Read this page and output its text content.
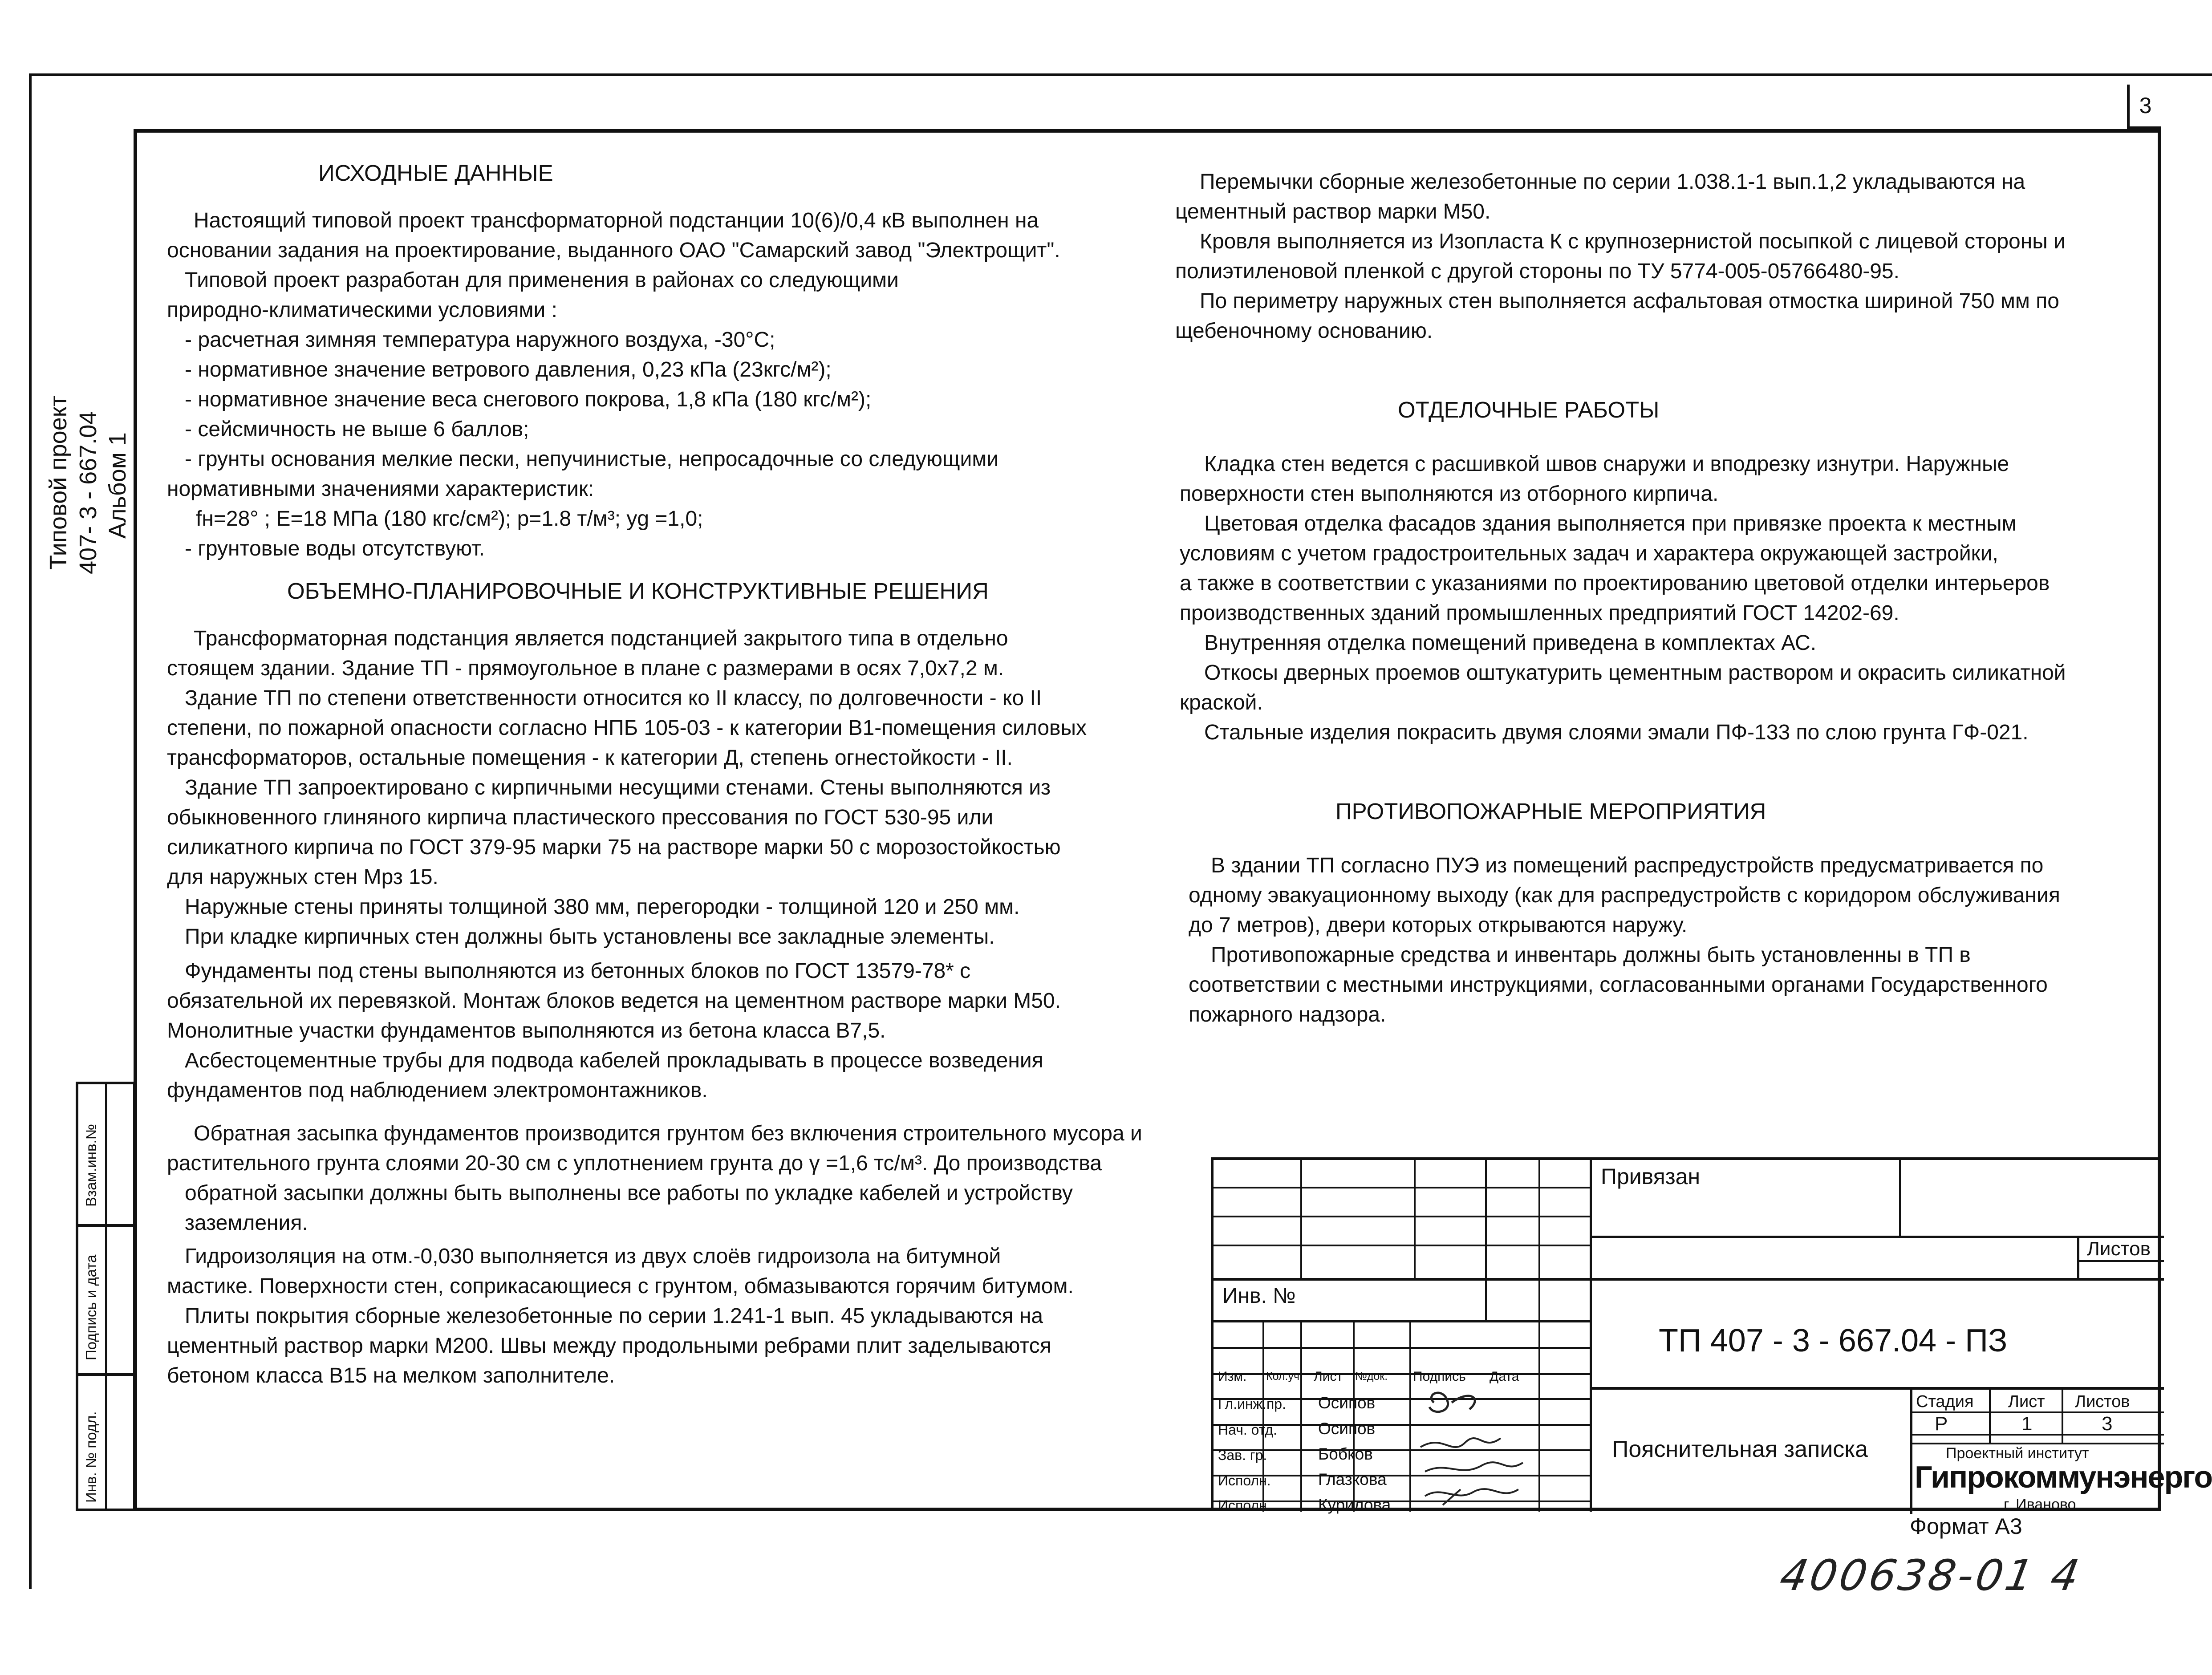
3
Типовой проект 407- 3 - 667.04 Альбом 1
Взам.инв.№
Подпись и дата
Инв. № подл.
ИСХОДНЫЕ ДАННЫЕ

Настоящий типовой проект трансформаторной подстанции 10(6)/0,4 кВ выполнен на

основании задания на проектирование, выданного ОАО "Самарский завод "Электрощит".

Типовой проект разработан для применения в районах со следующими

природно-климатическими условиями :

- расчетная зимняя температура наружного воздуха, -30°С;

- нормативное значение ветрового давления, 0,23 кПа (23кгс/м²);

- нормативное значение веса снегового покрова, 1,8 кПа (180 кгс/м²);

- сейсмичность не выше 6 баллов;

- грунты основания мелкие пески, непучинистые, непросадочные со следующими

нормативными значениями характеристик:

fн=28° ; Е=18 МПа (180 кгс/см²); p=1.8 т/м³; yg =1,0;

- грунтовые воды отсутствуют.

ОБЪЕМНО-ПЛАНИРОВОЧНЫЕ И КОНСТРУКТИВНЫЕ РЕШЕНИЯ

Трансформаторная подстанция является подстанцией закрытого типа в отдельно

стоящем здании. Здание ТП - прямоугольное в плане с размерами в осях 7,0х7,2 м.

Здание ТП по степени ответственности относится ко II классу, по долговечности - ко II

степени, по пожарной опасности согласно НПБ 105-03 - к категории В1-помещения силовых

трансформаторов, остальные помещения - к категории Д, степень огнестойкости - II.

Здание ТП запроектировано с кирпичными несущими стенами. Стены выполняются из

обыкновенного глиняного кирпича пластического прессования по ГОСТ 530-95 или

силикатного кирпича по ГОСТ 379-95 марки 75 на растворе марки 50 с морозостойкостью

для наружных стен Мрз 15.

Наружные стены приняты толщиной 380 мм, перегородки - толщиной 120 и 250 мм.

При кладке кирпичных стен должны быть установлены все закладные элементы.

Фундаменты под стены выполняются из бетонных блоков по ГОСТ 13579-78* с

обязательной их перевязкой. Монтаж блоков ведется на цементном растворе марки М50.

Монолитные участки фундаментов выполняются из бетона класса В7,5.

Асбестоцементные трубы для подвода кабелей прокладывать в процессе возведения

фундаментов под наблюдением электромонтажников.

Обратная засыпка фундаментов производится грунтом без включения строительного мусора и

растительного грунта слоями 20-30 см с уплотнением грунта до γ =1,6 тс/м³. До производства

обратной засыпки должны быть выполнены все работы по укладке кабелей и устройству

заземления.

Гидроизоляция на отм.-0,030 выполняется из двух слоёв гидроизола на битумной

мастике. Поверхности стен, соприкасающиеся с грунтом, обмазываются горячим битумом.

Плиты покрытия сборные железобетонные по серии 1.241-1 вып. 45 укладываются на

цементный раствор марки М200. Швы между продольными ребрами плит заделываются

бетоном класса В15 на мелком заполнителе.

Перемычки сборные железобетонные по серии 1.038.1-1 вып.1,2 укладываются на

цементный раствор марки М50.

Кровля выполняется из Изопласта К с крупнозернистой посыпкой с лицевой стороны и

полиэтиленовой пленкой с другой стороны по ТУ 5774-005-05766480-95.

По периметру наружных стен выполняется асфальтовая отмостка шириной 750 мм по

щебеночному основанию.

ОТДЕЛОЧНЫЕ РАБОТЫ

Кладка стен ведется с расшивкой швов снаружи и вподрезку изнутри. Наружные

поверхности стен выполняются из отборного кирпича.

Цветовая отделка фасадов здания выполняется при привязке проекта к местным

условиям с учетом градостроительных задач и характера окружающей застройки,

а также в соответствии с указаниями по проектированию цветовой отделки интерьеров

производственных зданий промышленных предприятий ГОСТ 14202-69.

Внутренняя отделка помещений приведена в комплектах АС.

Откосы дверных проемов оштукатурить цементным раствором и окрасить силикатной

краской.

Стальные изделия покрасить двумя слоями эмали ПФ-133 по слою грунта ГФ-021.

ПРОТИВОПОЖАРНЫЕ МЕРОПРИЯТИЯ

В здании ТП согласно ПУЭ из помещений распредустройств предусматривается по

одному эвакуационному выходу (как для распредустройств с коридором обслуживания

до 7 метров), двери которых открываются наружу.

Противопожарные средства и инвентарь должны быть установленны в ТП в

соответствии с местными инструкциями, согласованными органами Государственного

пожарного надзора.

Привязан
Листов
Инв. №
ТП 407 - 3 - 667.04 - ПЗ
Изм. Кол.уч. Лист №док. Подпись Дата
Гл.инж.пр. Осипов
Нач. отд. Осипов
Зав. гр.	Бобков
Исполн.	Глазкова
Исполн.	Курилова
Пояснительная записка
Стадия Лист Листов
Р	1	3
Проектный институт
Гипрокоммунэнерго
г. Иваново
Формат А3
400638-01 4
